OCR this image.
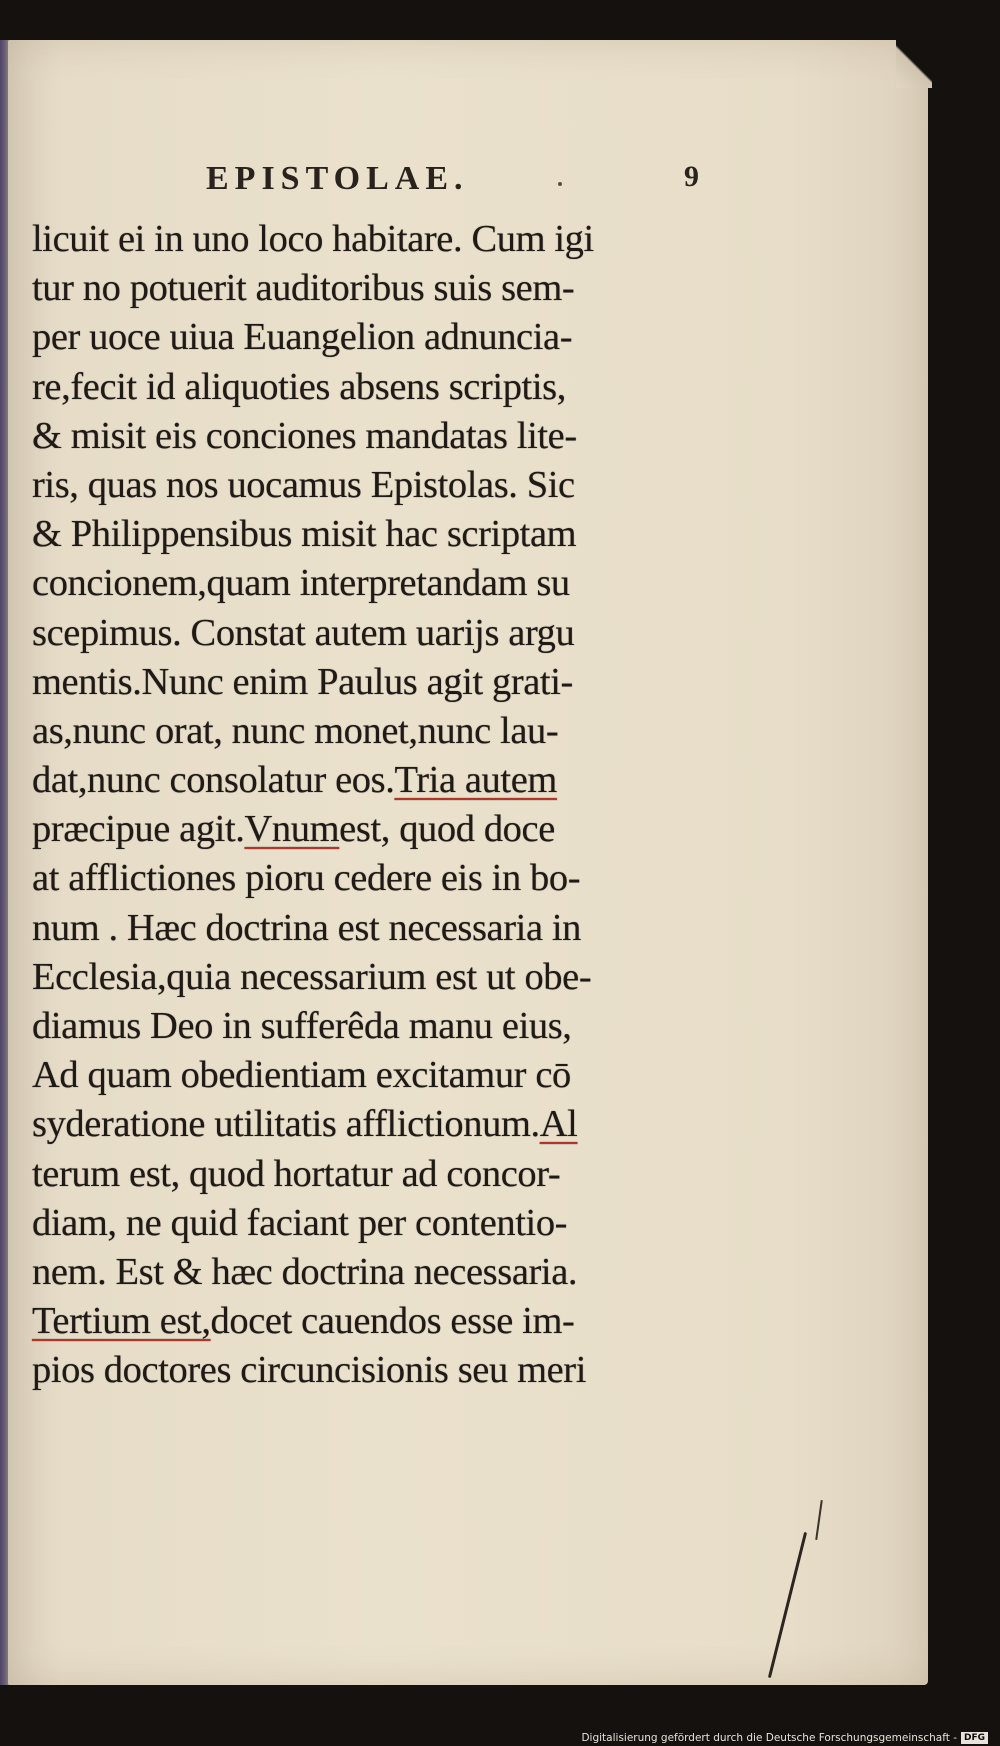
EPISTOLAE.	9
licuit ei in uno loco habitare. Cum igi
tur no potuerit auditoribus suis sem-
per uoce uiua Euangelion adnuncia-
re,fecit id aliquoties absens scriptis,
& misit eis conciones mandatas lite-
ris, quas nos uocamus Epistolas. Sic
& Philippensibus misit hac scriptam
concionem,quam interpretandam su
scepimus. Constat autem uarijs argu
mentis.Nunc enim Paulus agit grati-
as,nunc orat, nunc monet,nunc lau-
dat,nunc consolatur eos.Tria autem
præcipue agit.Vnumest, quod doce
at afflictiones pioru cedere eis in bo-
num . Hæc doctrina est necessaria in
Ecclesia,quia necessarium est ut obe-
diamus Deo in sufferêda manu eius,
Ad quam obedientiam excitamur cō
syderatione utilitatis afflictionum.Al
terum est, quod hortatur ad concor-
diam, ne quid faciant per contentio-
nem. Est & hæc doctrina necessaria.
Tertium est,docet cauendos esse im-
pios doctores circuncisionis seu meri
Digitalisierung gefördert durch die Deutsche Forschungsgemeinschaft - DFG
